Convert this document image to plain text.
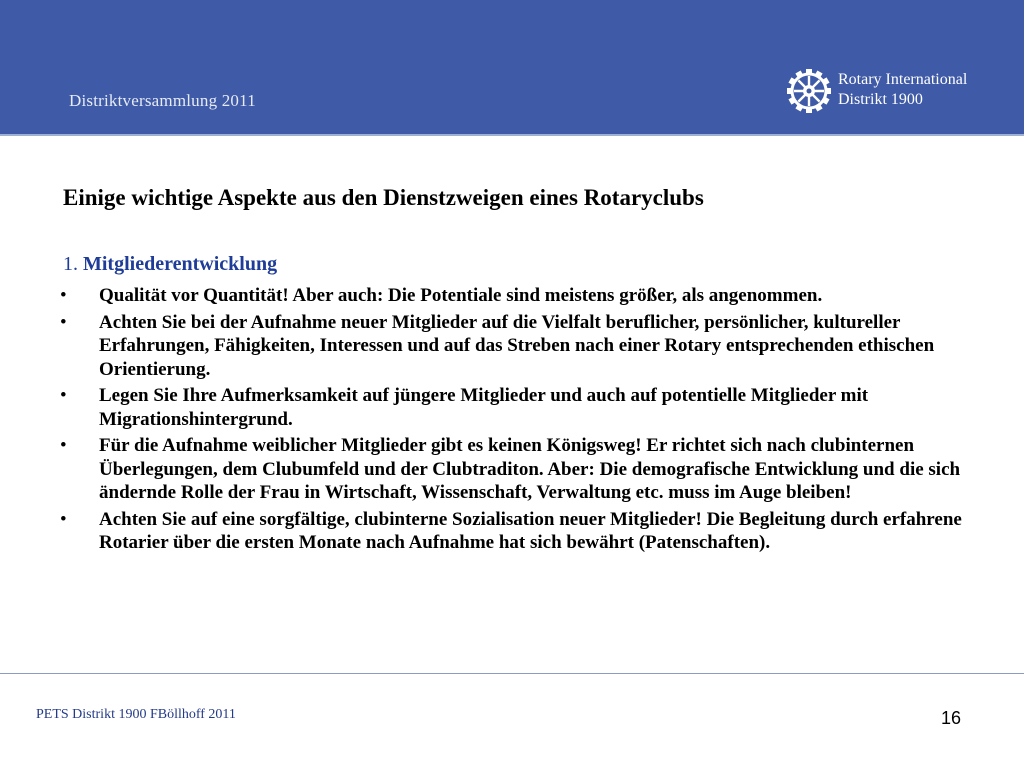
Distriktversammlung 2011
Rotary International
Distrikt 1900
Einige wichtige Aspekte aus den Dienstzweigen eines Rotaryclubs
1. Mitgliederentwicklung
• Qualität vor Quantität! Aber auch: Die Potentiale sind meistens größer, als angenommen.
• Achten Sie bei der Aufnahme neuer Mitglieder auf die Vielfalt beruflicher, persönlicher, kultureller Erfahrungen, Fähigkeiten, Interessen und auf das Streben nach einer Rotary entsprechenden ethischen Orientierung.
• Legen Sie Ihre Aufmerksamkeit auf jüngere Mitglieder und auch auf potentielle Mitglieder mit Migrationshintergrund.
• Für die Aufnahme weiblicher Mitglieder gibt es keinen Königsweg! Er richtet sich nach clubinternen Überlegungen, dem Clubumfeld und der Clubtraditon. Aber: Die demografische Entwicklung und die sich ändernde Rolle der Frau in Wirtschaft, Wissenschaft, Verwaltung etc. muss im Auge bleiben!
• Achten Sie auf eine sorgfältige, clubinterne Sozialisation neuer Mitglieder! Die Begleitung durch erfahrene Rotarier über die ersten Monate nach Aufnahme hat sich bewährt (Patenschaften).
PETS Distrikt 1900 FBöllhoff 2011	16
